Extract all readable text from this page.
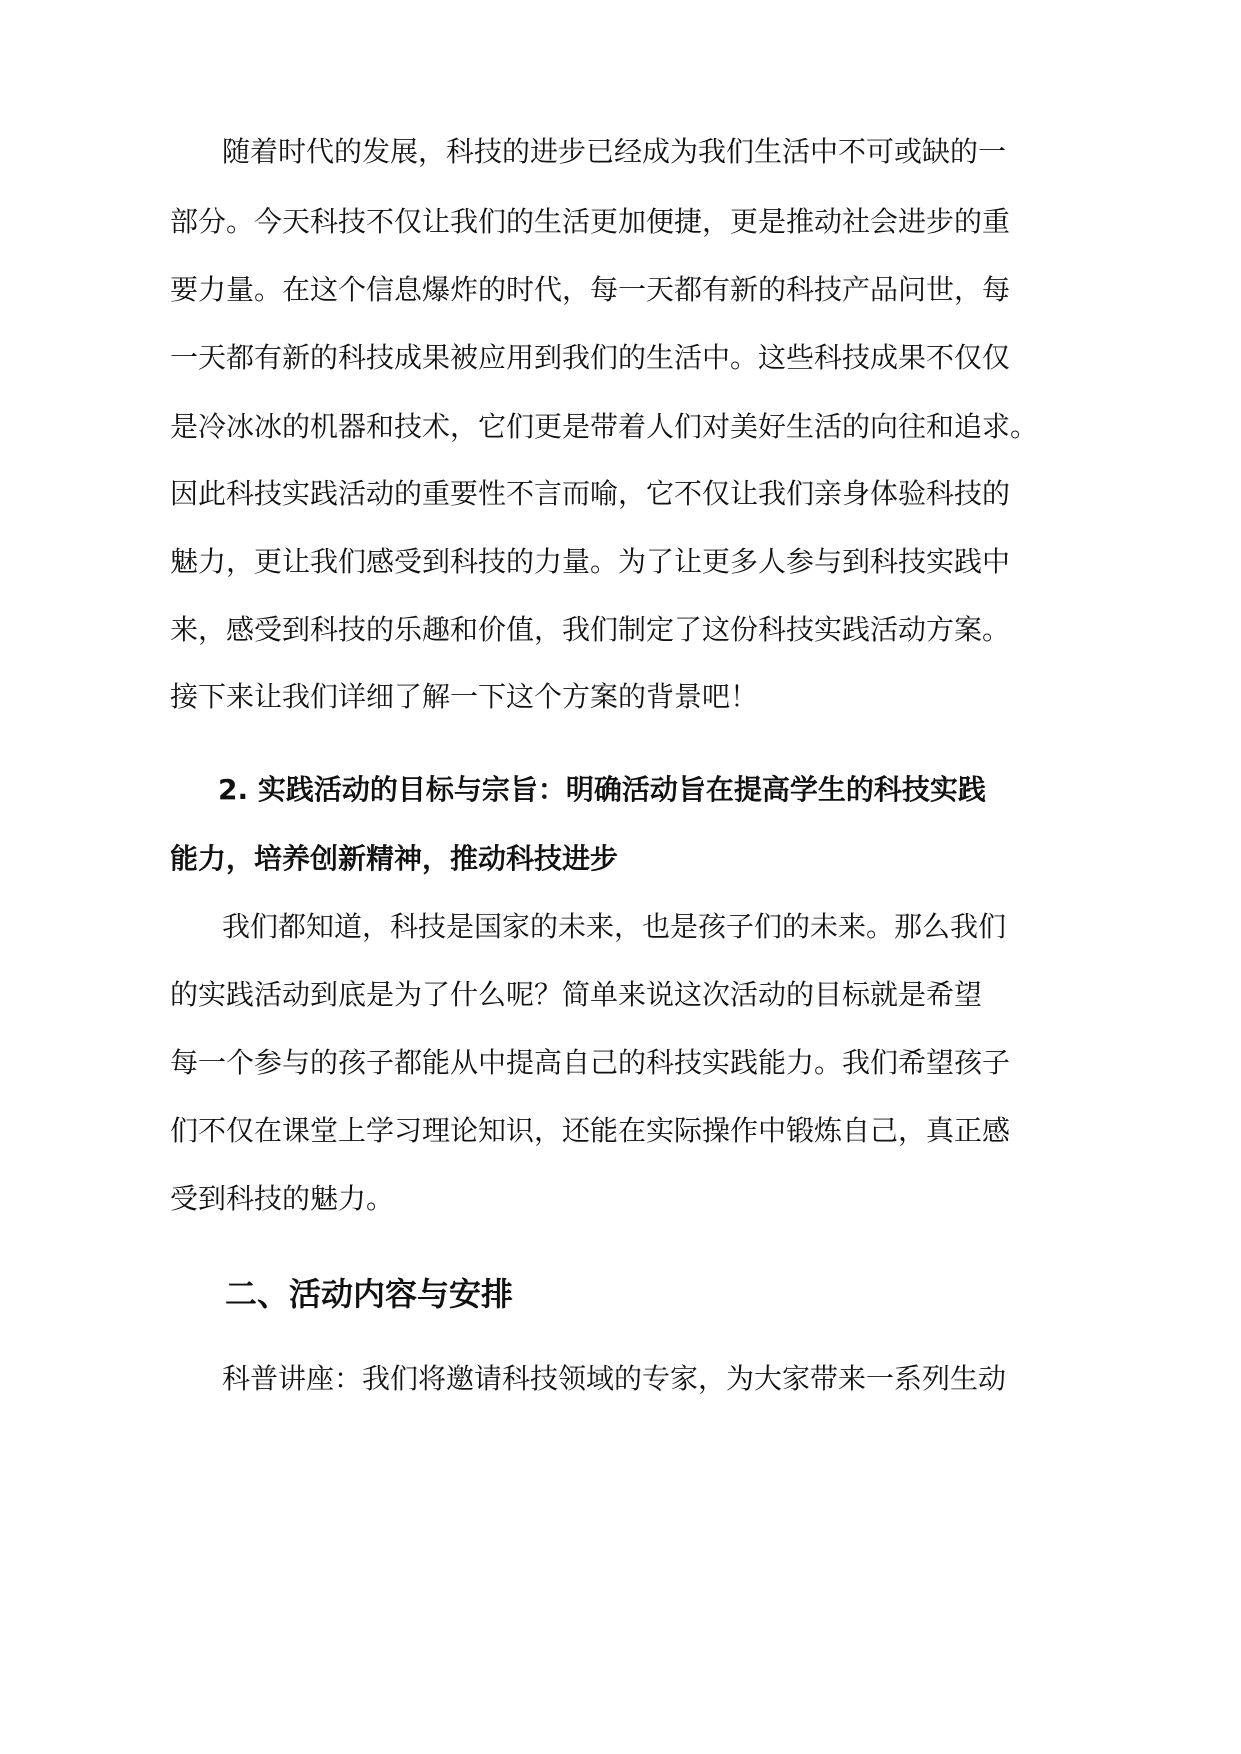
随着时代的发展，科技的进步已经成为我们生活中不可或缺的一
部分。今天科技不仅让我们的生活更加便捷，更是推动社会进步的重
要力量。在这个信息爆炸的时代，每一天都有新的科技产品问世，每
一天都有新的科技成果被应用到我们的生活中。这些科技成果不仅仅
是冷冰冰的机器和技术，它们更是带着人们对美好生活的向往和追求。
因此科技实践活动的重要性不言而喻，它不仅让我们亲身体验科技的
魅力，更让我们感受到科技的力量。为了让更多人参与到科技实践中
来，感受到科技的乐趣和价值，我们制定了这份科技实践活动方案。
接下来让我们详细了解一下这个方案的背景吧！
2. 实践活动的目标与宗旨：明确活动旨在提高学生的科技实践
能力，培养创新精神，推动科技进步
我们都知道，科技是国家的未来，也是孩子们的未来。那么我们
的实践活动到底是为了什么呢？简单来说这次活动的目标就是希望
每一个参与的孩子都能从中提高自己的科技实践能力。我们希望孩子
们不仅在课堂上学习理论知识，还能在实际操作中锻炼自己，真正感
受到科技的魅力。
二、活动内容与安排
科普讲座：我们将邀请科技领域的专家，为大家带来一系列生动
